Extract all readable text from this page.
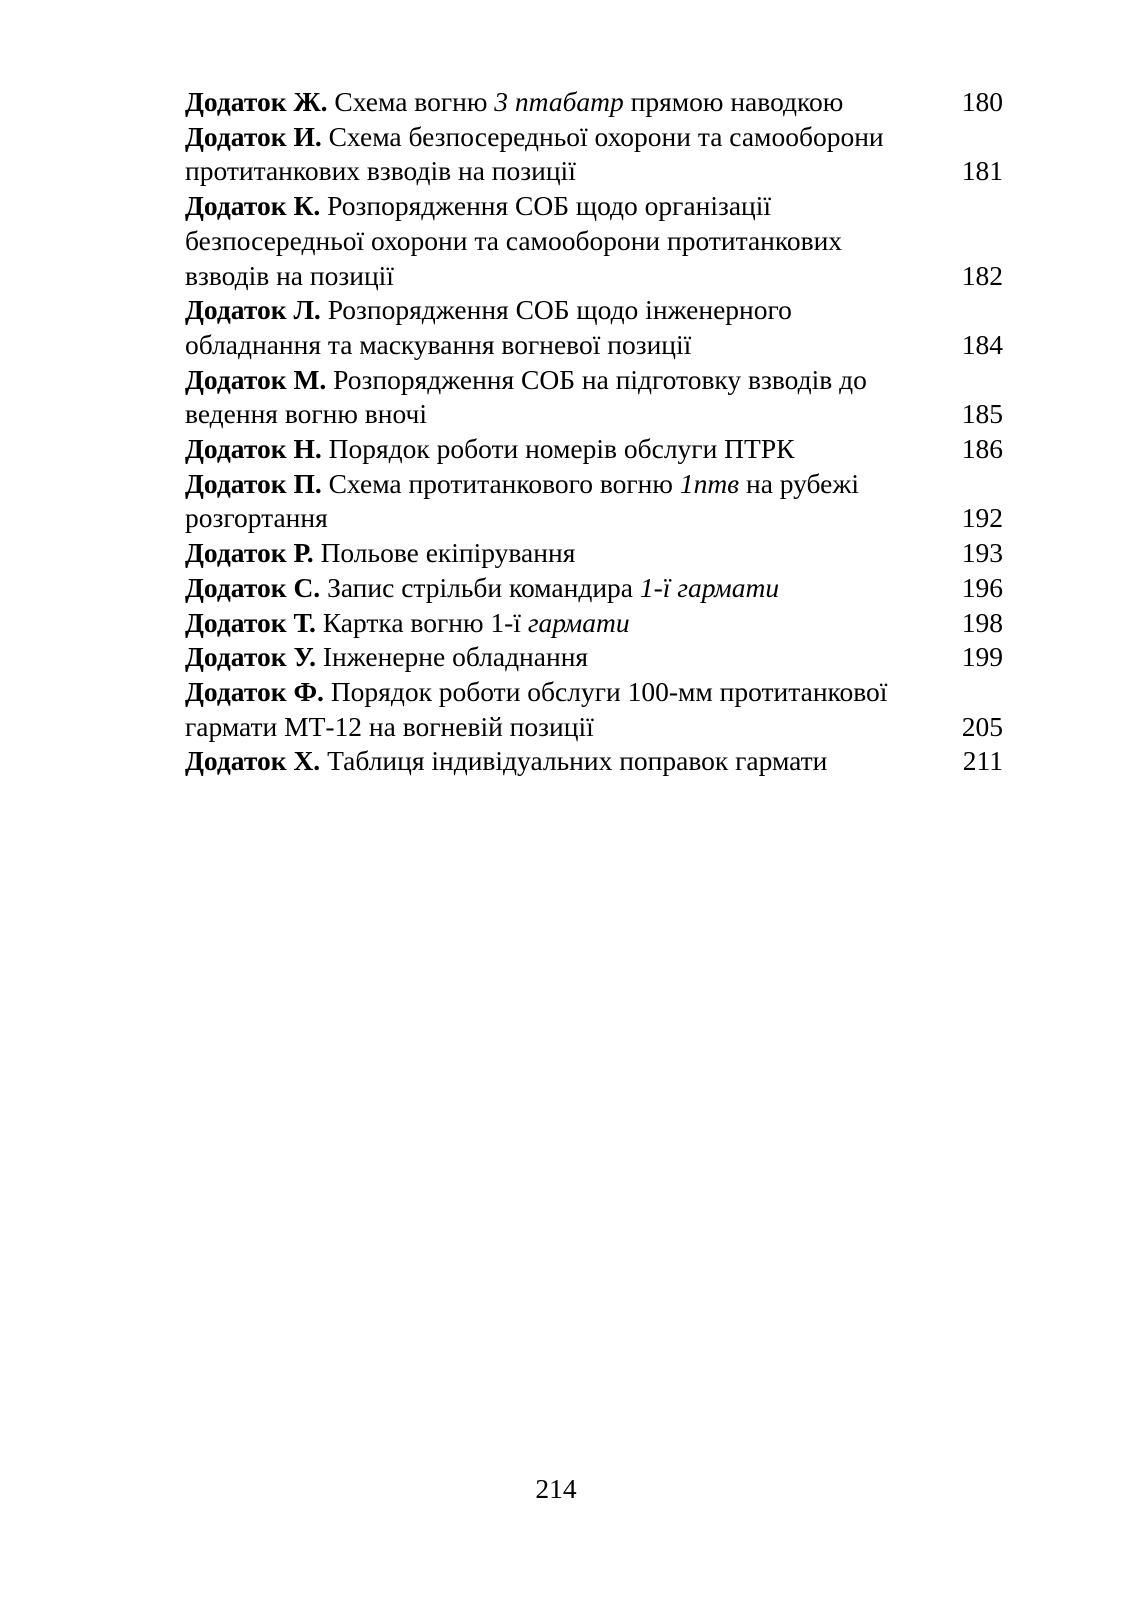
Додаток Ж. Схема вогню 3 птабатр прямою наводкою	180
Додаток И. Схема безпосередньої охорони та самооборони
протитанкових взводів на позиції	181
Додаток К. Розпорядження СОБ щодо організації
безпосередньої охорони та самооборони протитанкових
взводів на позиції	182
Додаток Л. Розпорядження СОБ щодо інженерного
обладнання та маскування вогневої позиції	184
Додаток М. Розпорядження СОБ на підготовку взводів до
ведення вогню вночі	185
Додаток Н. Порядок роботи номерів обслуги ПТРК	186
Додаток П. Схема протитанкового вогню 1птв на рубежі
розгортання	192
Додаток Р. Польове екіпірування	193
Додаток С. Запис стрільби командира 1-ї гармати	196
Додаток Т. Картка вогню 1-ї гармати	198
Додаток У. Інженерне обладнання	199
Додаток Ф. Порядок роботи обслуги 100-мм протитанкової
гармати МТ-12 на вогневій позиції	205
Додаток Х. Таблиця індивідуальних поправок гармати	211
214
